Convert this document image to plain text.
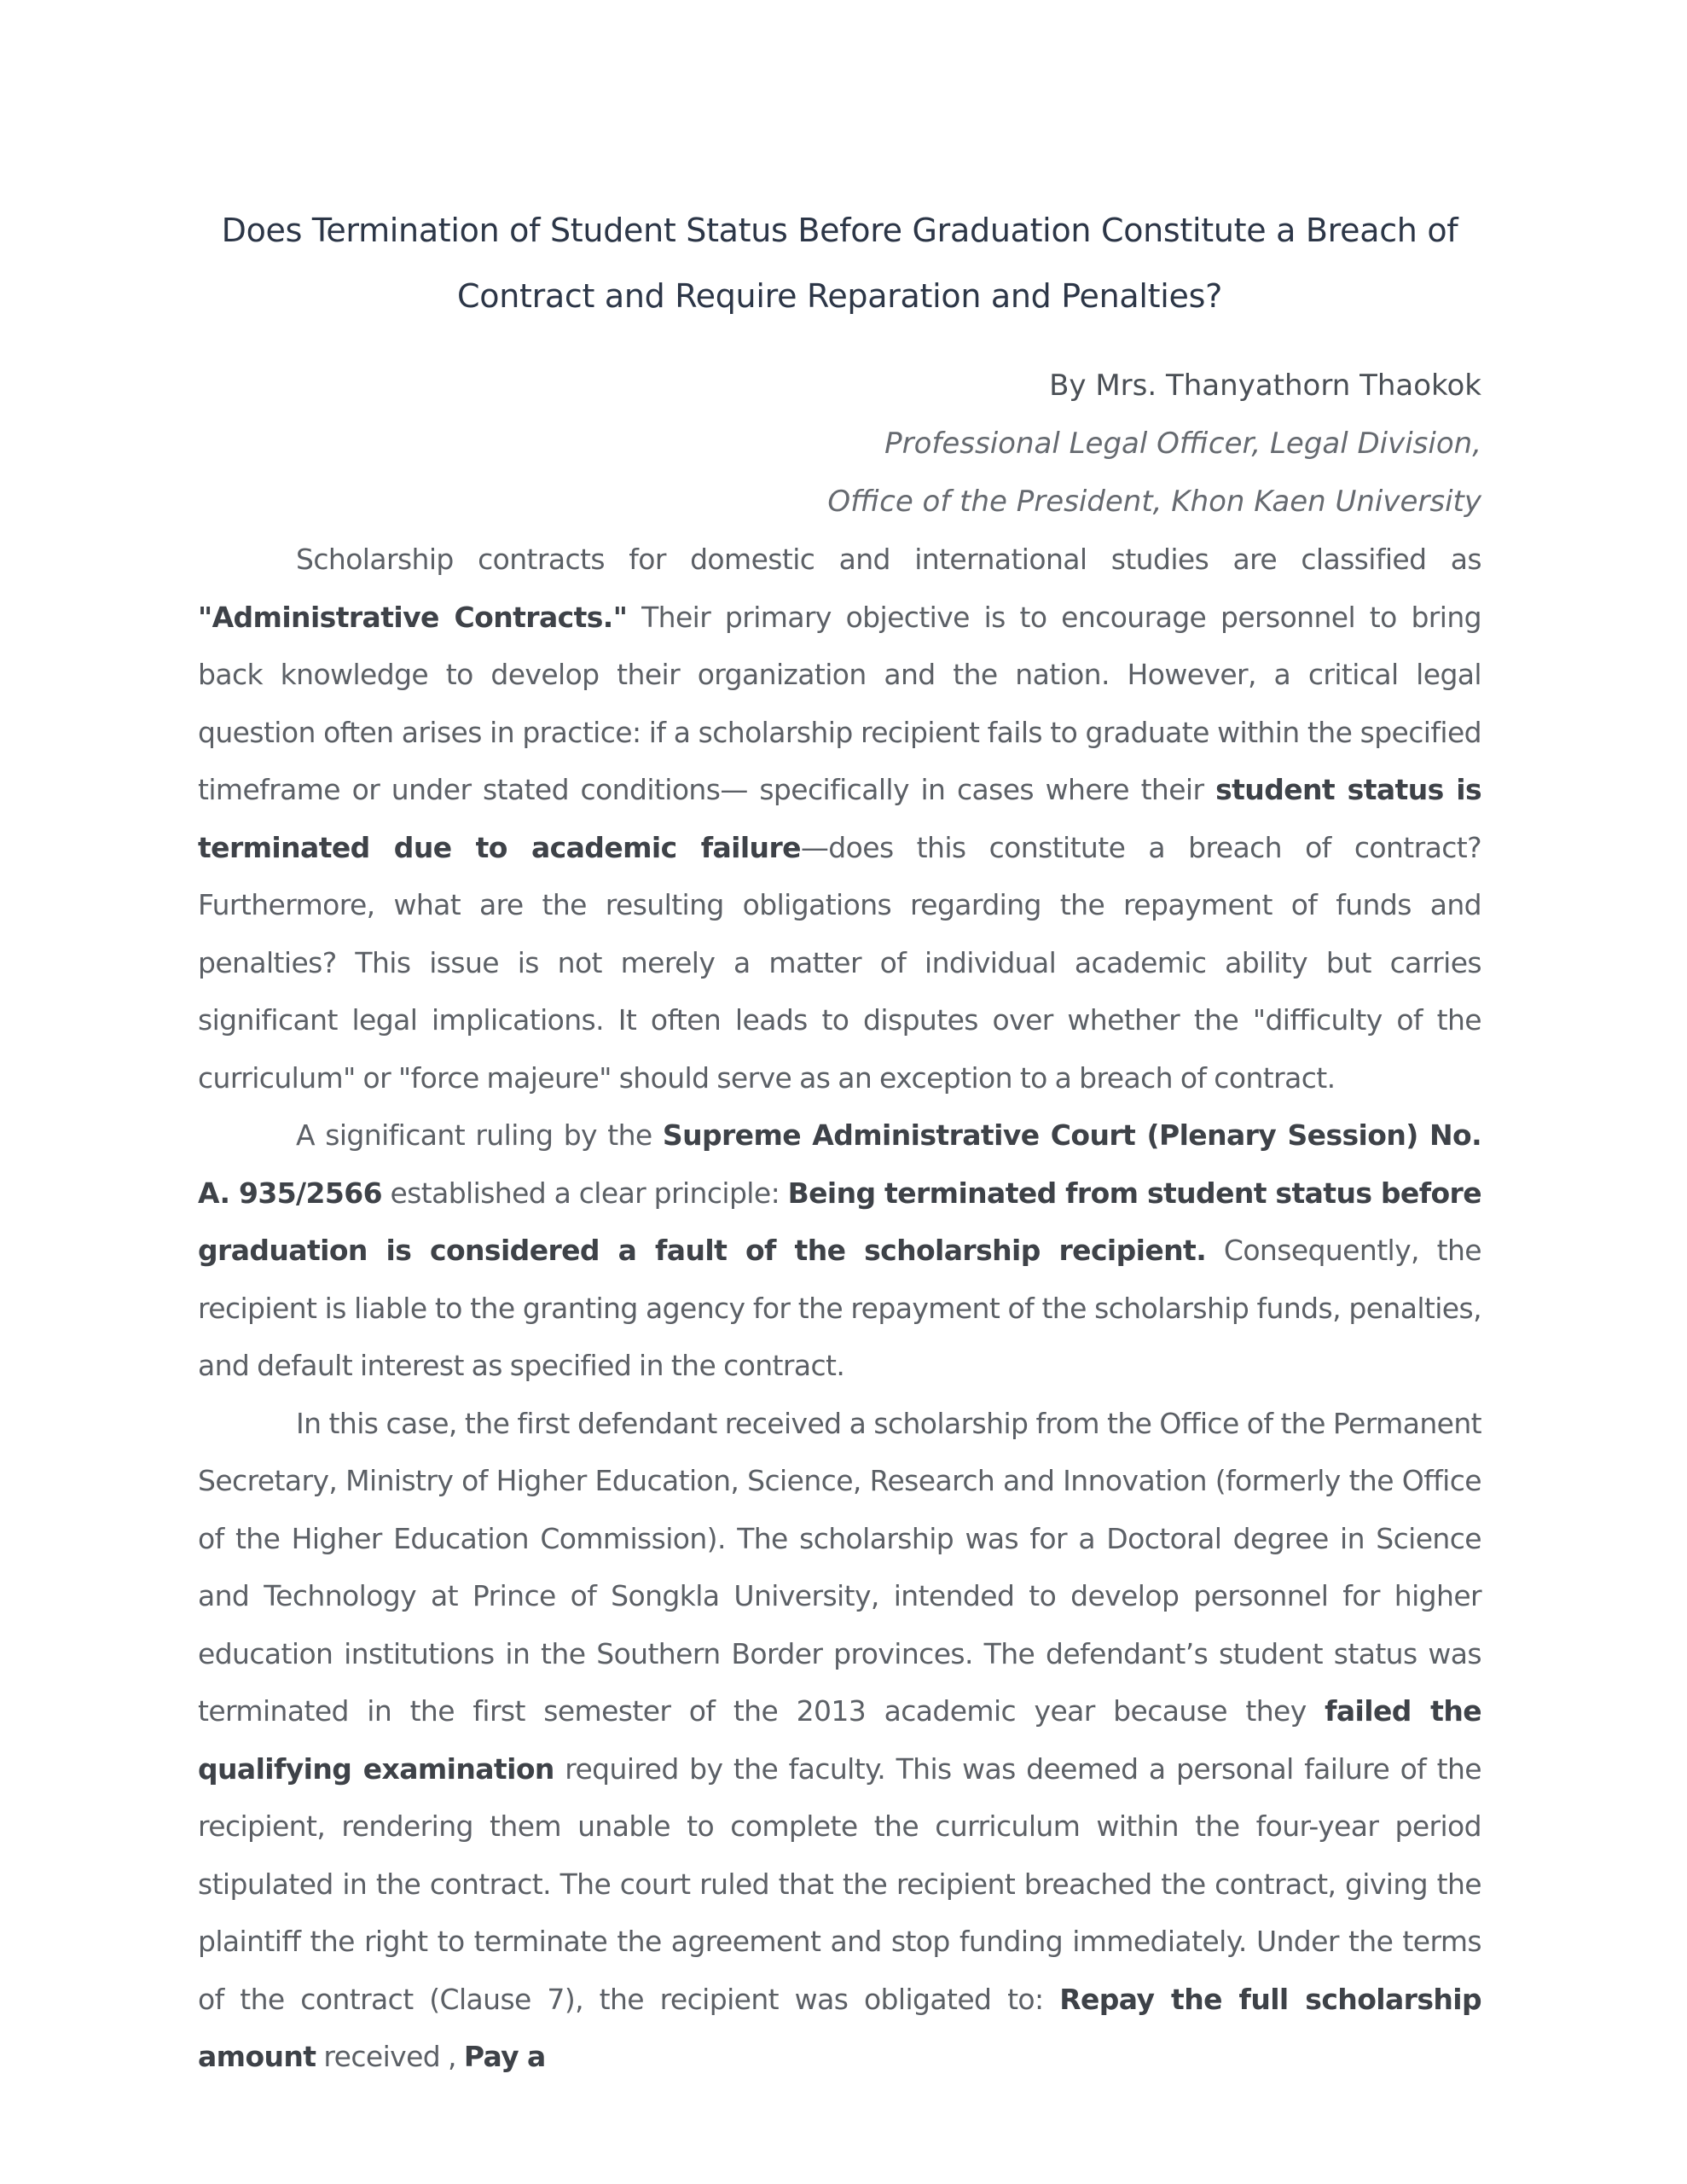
Does Termination of Student Status Before Graduation Constitute a Breach of
Contract and Require Reparation and Penalties?
By Mrs. Thanyathorn Thaokok
Professional Legal Officer, Legal Division,
Office of the President, Khon Kaen University

Scholarship contracts for domestic and international studies are classified as "Administrative Contracts." Their primary objective is to encourage personnel to bring back knowledge to develop their organization and the nation. However, a critical legal question often arises in practice: if a scholarship recipient fails to graduate within the specified timeframe or under stated conditions— specifically in cases where their student status is terminated due to academic failure—does this constitute a breach of contract? Furthermore, what are the resulting obligations regarding the repayment of funds and penalties? This issue is not merely a matter of individual academic ability but carries significant legal implications. It often leads to disputes over whether the "difficulty of the curriculum" or "force majeure" should serve as an exception to a breach of contract.

A significant ruling by the Supreme Administrative Court (Plenary Session) No. A. 935/2566 established a clear principle: Being terminated from student status before graduation is considered a fault of the scholarship recipient. Consequently, the recipient is liable to the granting agency for the repayment of the scholarship funds, penalties, and default interest as specified in the contract.

In this case, the first defendant received a scholarship from the Office of the Permanent Secretary, Ministry of Higher Education, Science, Research and Innovation (formerly the Office of the Higher Education Commission). The scholarship was for a Doctoral degree in Science and Technology at Prince of Songkla University, intended to develop personnel for higher education institutions in the Southern Border provinces. The defendant’s student status was terminated in the first semester of the 2013 academic year because they failed the qualifying examination required by the faculty. This was deemed a personal failure of the recipient, rendering them unable to complete the curriculum within the four-year period stipulated in the contract. The court ruled that the recipient breached the contract, giving the plaintiff the right to terminate the agreement and stop funding immediately. Under the terms of the contract (Clause 7), the recipient was obligated to: Repay the full scholarship amount received , Pay a
